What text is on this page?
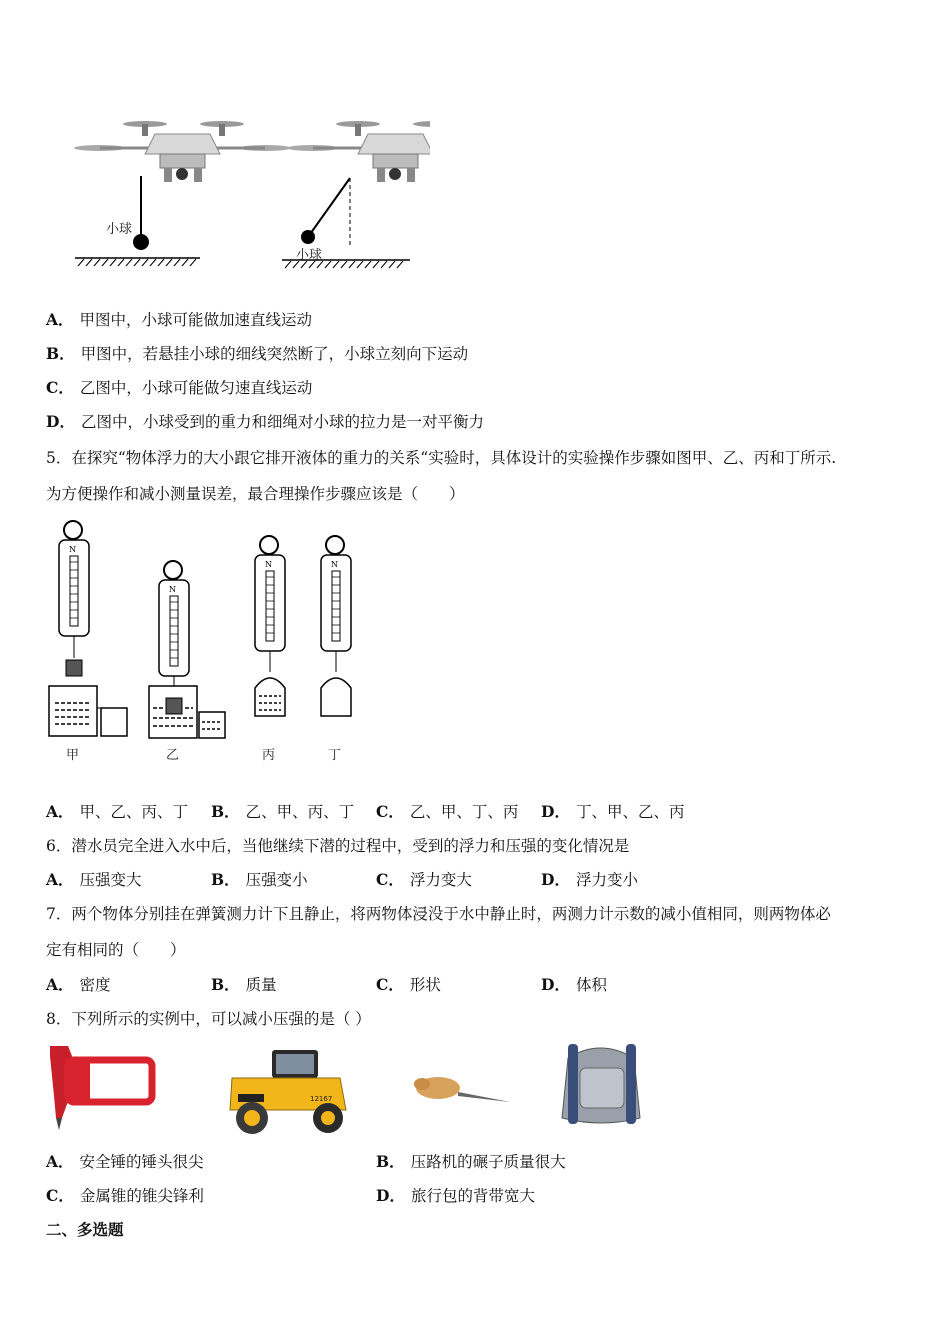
小球
小球
A． 甲图中，小球可能做加速直线运动
B． 甲图中，若悬挂小球的细线突然断了，小球立刻向下运动
C． 乙图中，小球可能做匀速直线运动
D． 乙图中，小球受到的重力和细绳对小球的拉力是一对平衡力
5．在探究“物体浮力的大小跟它排开液体的重力的关系“实验时，具体设计的实验操作步骤如图甲、乙、丙和丁所示.
为方便操作和减小测量误差，最合理操作步骤应该是（　　）
N
N
N	N
甲	乙	丙	丁
A． 甲、乙、丙、丁 B． 乙、甲、丙、丁 C． 乙、甲、丁、丙 D． 丁、甲、乙、丙
6．潜水员完全进入水中后，当他继续下潜的过程中，受到的浮力和压强的变化情况是
A． 压强变大	B． 压强变小	C． 浮力变大	D． 浮力变小
7．两个物体分别挂在弹簧测力计下且静止，将两物体浸没于水中静止时，两测力计示数的减小值相同，则两物体必
定有相同的（　　）
A． 密度	B． 质量	C． 形状	D． 体积
8．下列所示的实例中，可以减小压强的是（ ）
12167
A． 安全锤的锤头很尖	B． 压路机的碾子质量很大
C． 金属锥的锥尖锋利	D． 旅行包的背带宽大
二、多选题
